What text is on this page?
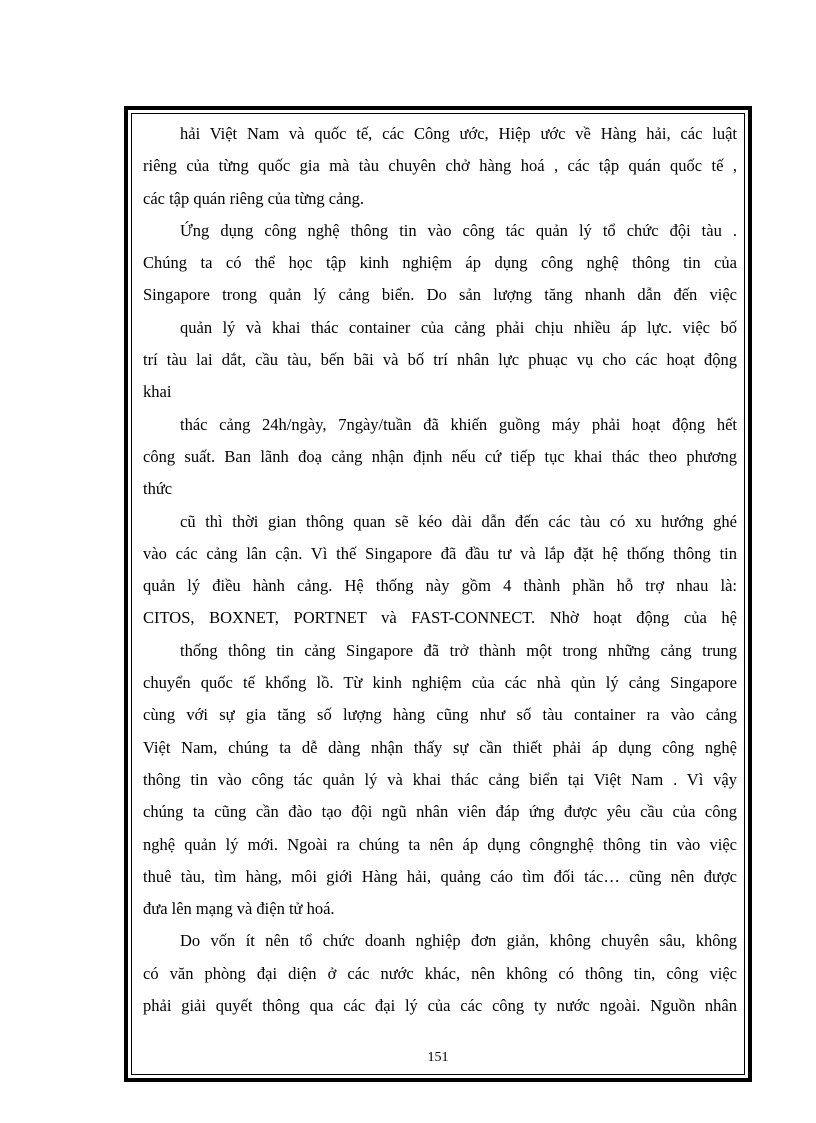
hải Việt Nam và quốc tế, các Công ước, Hiệp ước về Hàng hải, các luật
riêng của từng quốc gia mà tàu chuyên chở hàng hoá , các tập quán quốc tế ,
các tập quán riêng của từng cảng.
Ứng dụng công nghệ thông tin vào công tác quản lý tổ chức đội tàu .
Chúng ta có thể học tập kinh nghiệm áp dụng công nghệ thông tin của
Singapore trong quản lý cảng biển. Do sản lượng tăng nhanh dẫn đến việc
quản lý và khai thác container của cảng phải chịu nhiều áp lực. việc bố
trí tàu lai dắt, cầu tàu, bến bãi và bố trí nhân lực phuạc vụ cho các hoạt động
khai
thác cảng 24h/ngày, 7ngày/tuần đã khiến guồng máy phải hoạt động hết
công suất. Ban lãnh đoạ cảng nhận định nếu cứ tiếp tục khai thác theo phương
thức
cũ thì thời gian thông quan sẽ kéo dài dẫn đến các tàu có xu hướng ghé
vào các cảng lân cận. Vì thế Singapore đã đầu tư và lắp đặt hệ thống thông tin
quản lý điều hành cảng. Hệ thống này gồm 4 thành phần hỗ trợ nhau là:
CITOS, BOXNET, PORTNET và FAST-CONNECT. Nhờ hoạt động của hệ
thống thông tin cảng Singapore đã trở thành một trong những cảng trung
chuyển quốc tế khổng lồ. Từ kinh nghiệm của các nhà qủn lý cảng Singapore
cùng với sự gia tăng số lượng hàng cũng như số tàu container ra vào cảng
Việt Nam, chúng ta dễ dàng nhận thấy sự cần thiết phải áp dụng công nghệ
thông tin vào công tác quản lý và khai thác cảng biển tại Việt Nam . Vì vậy
chúng ta cũng cần đào tạo đội ngũ nhân viên đáp ứng được yêu cầu của công
nghệ quản lý mới. Ngoài ra chúng ta nên áp dụng côngnghệ thông tin vào việc
thuê tàu, tìm hàng, môi giới Hàng hải, quảng cáo tìm đối tác… cũng nên được
đưa lên mạng và điện tử hoá.
Do vốn ít nên tổ chức doanh nghiệp đơn giản, không chuyên sâu, không
có văn phòng đại diện ở các nước khác, nên không có thông tin, công việc
phải giải quyết thông qua các đại lý của các công ty nước ngoài. Nguồn nhân
151
